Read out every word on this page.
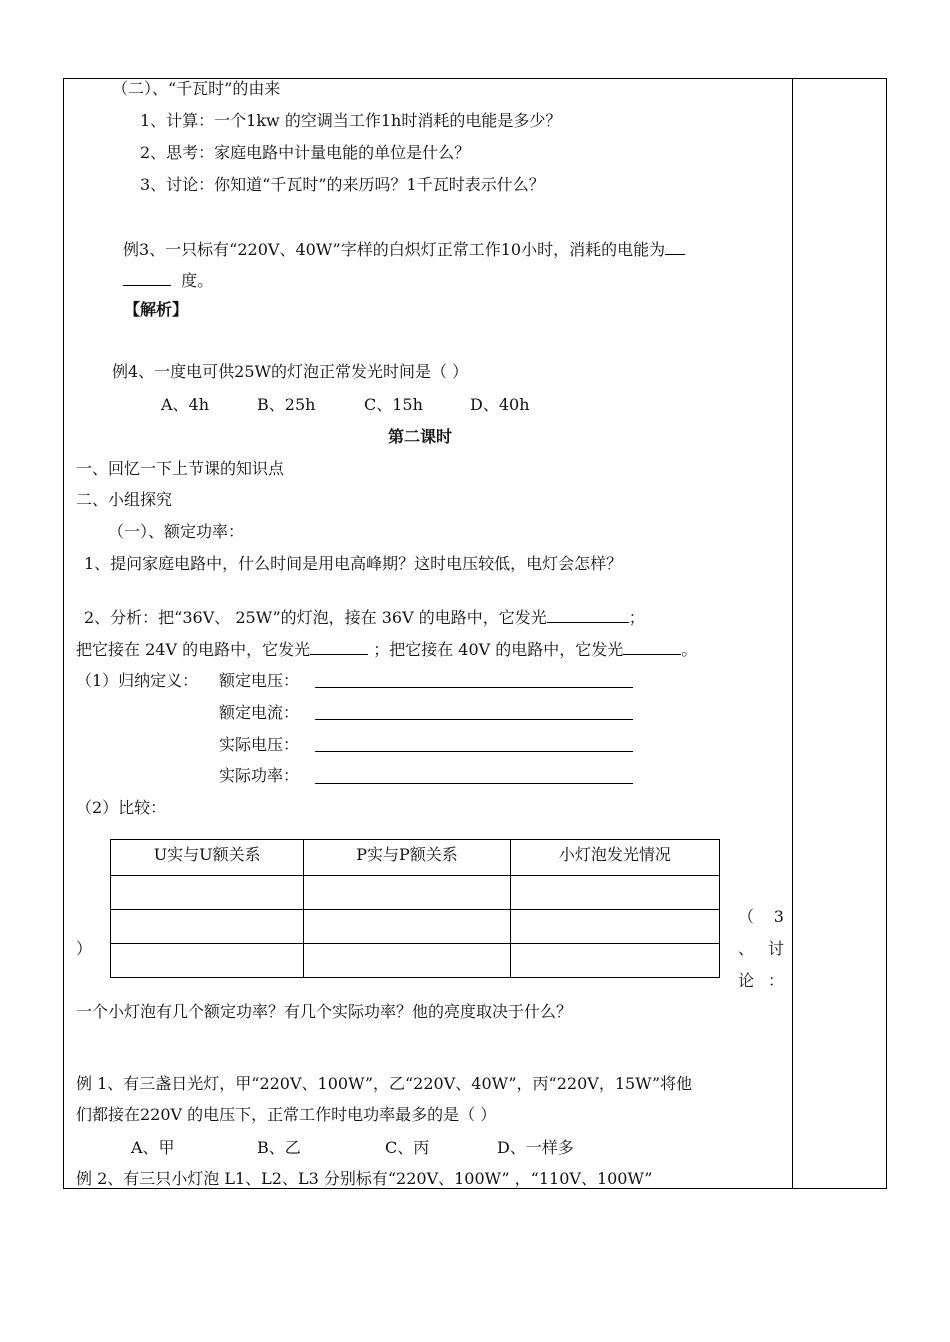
（二）、“千瓦时”的由来
1、计算：一个1kw 的空调当工作1h时消耗的电能是多少？
2、思考：家庭电路中计量电能的单位是什么？
3、讨论：你知道“千瓦时”的来历吗？1千瓦时表示什么？
例3、一只标有“220V、40W”字样的白炽灯正常工作10小时，消耗的电能为
度。
【解析】
例4、一度电可供25W的灯泡正常发光时间是（ ）
A、4h	B、25h	C、15h	D、40h
第二课时
一、回忆一下上节课的知识点
二、小组探究
（一）、额定功率：
1、提问家庭电路中，什么时间是用电高峰期？这时电压较低，电灯会怎样？
2、分析：把“36V、 25W”的灯泡，接在 36V 的电路中，它发光	；
把它接在 24V 的电路中，它发光	；把它接在 40V 的电路中，它发光	。
（1）归纳定义： 额定电压：
额定电流：
实际电压：
实际功率：
（2）比较：
U实与U额关系	P实与P额关系	小灯泡发光情况

（ 3
、讨
论 ：
）
一个小灯泡有几个额定功率？有几个实际功率？他的亮度取决于什么？
例 1、有三盏日光灯，甲“220V、100W”，乙“220V、40W”，丙“220V，15W”将他
们都接在220V 的电压下，正常工作时电功率最多的是（ ）
A、甲	B、乙	C、丙	D、一样多
例 2、有三只小灯泡 L1、L2、L3 分别标有“220V、100W” ，“110V、100W”
